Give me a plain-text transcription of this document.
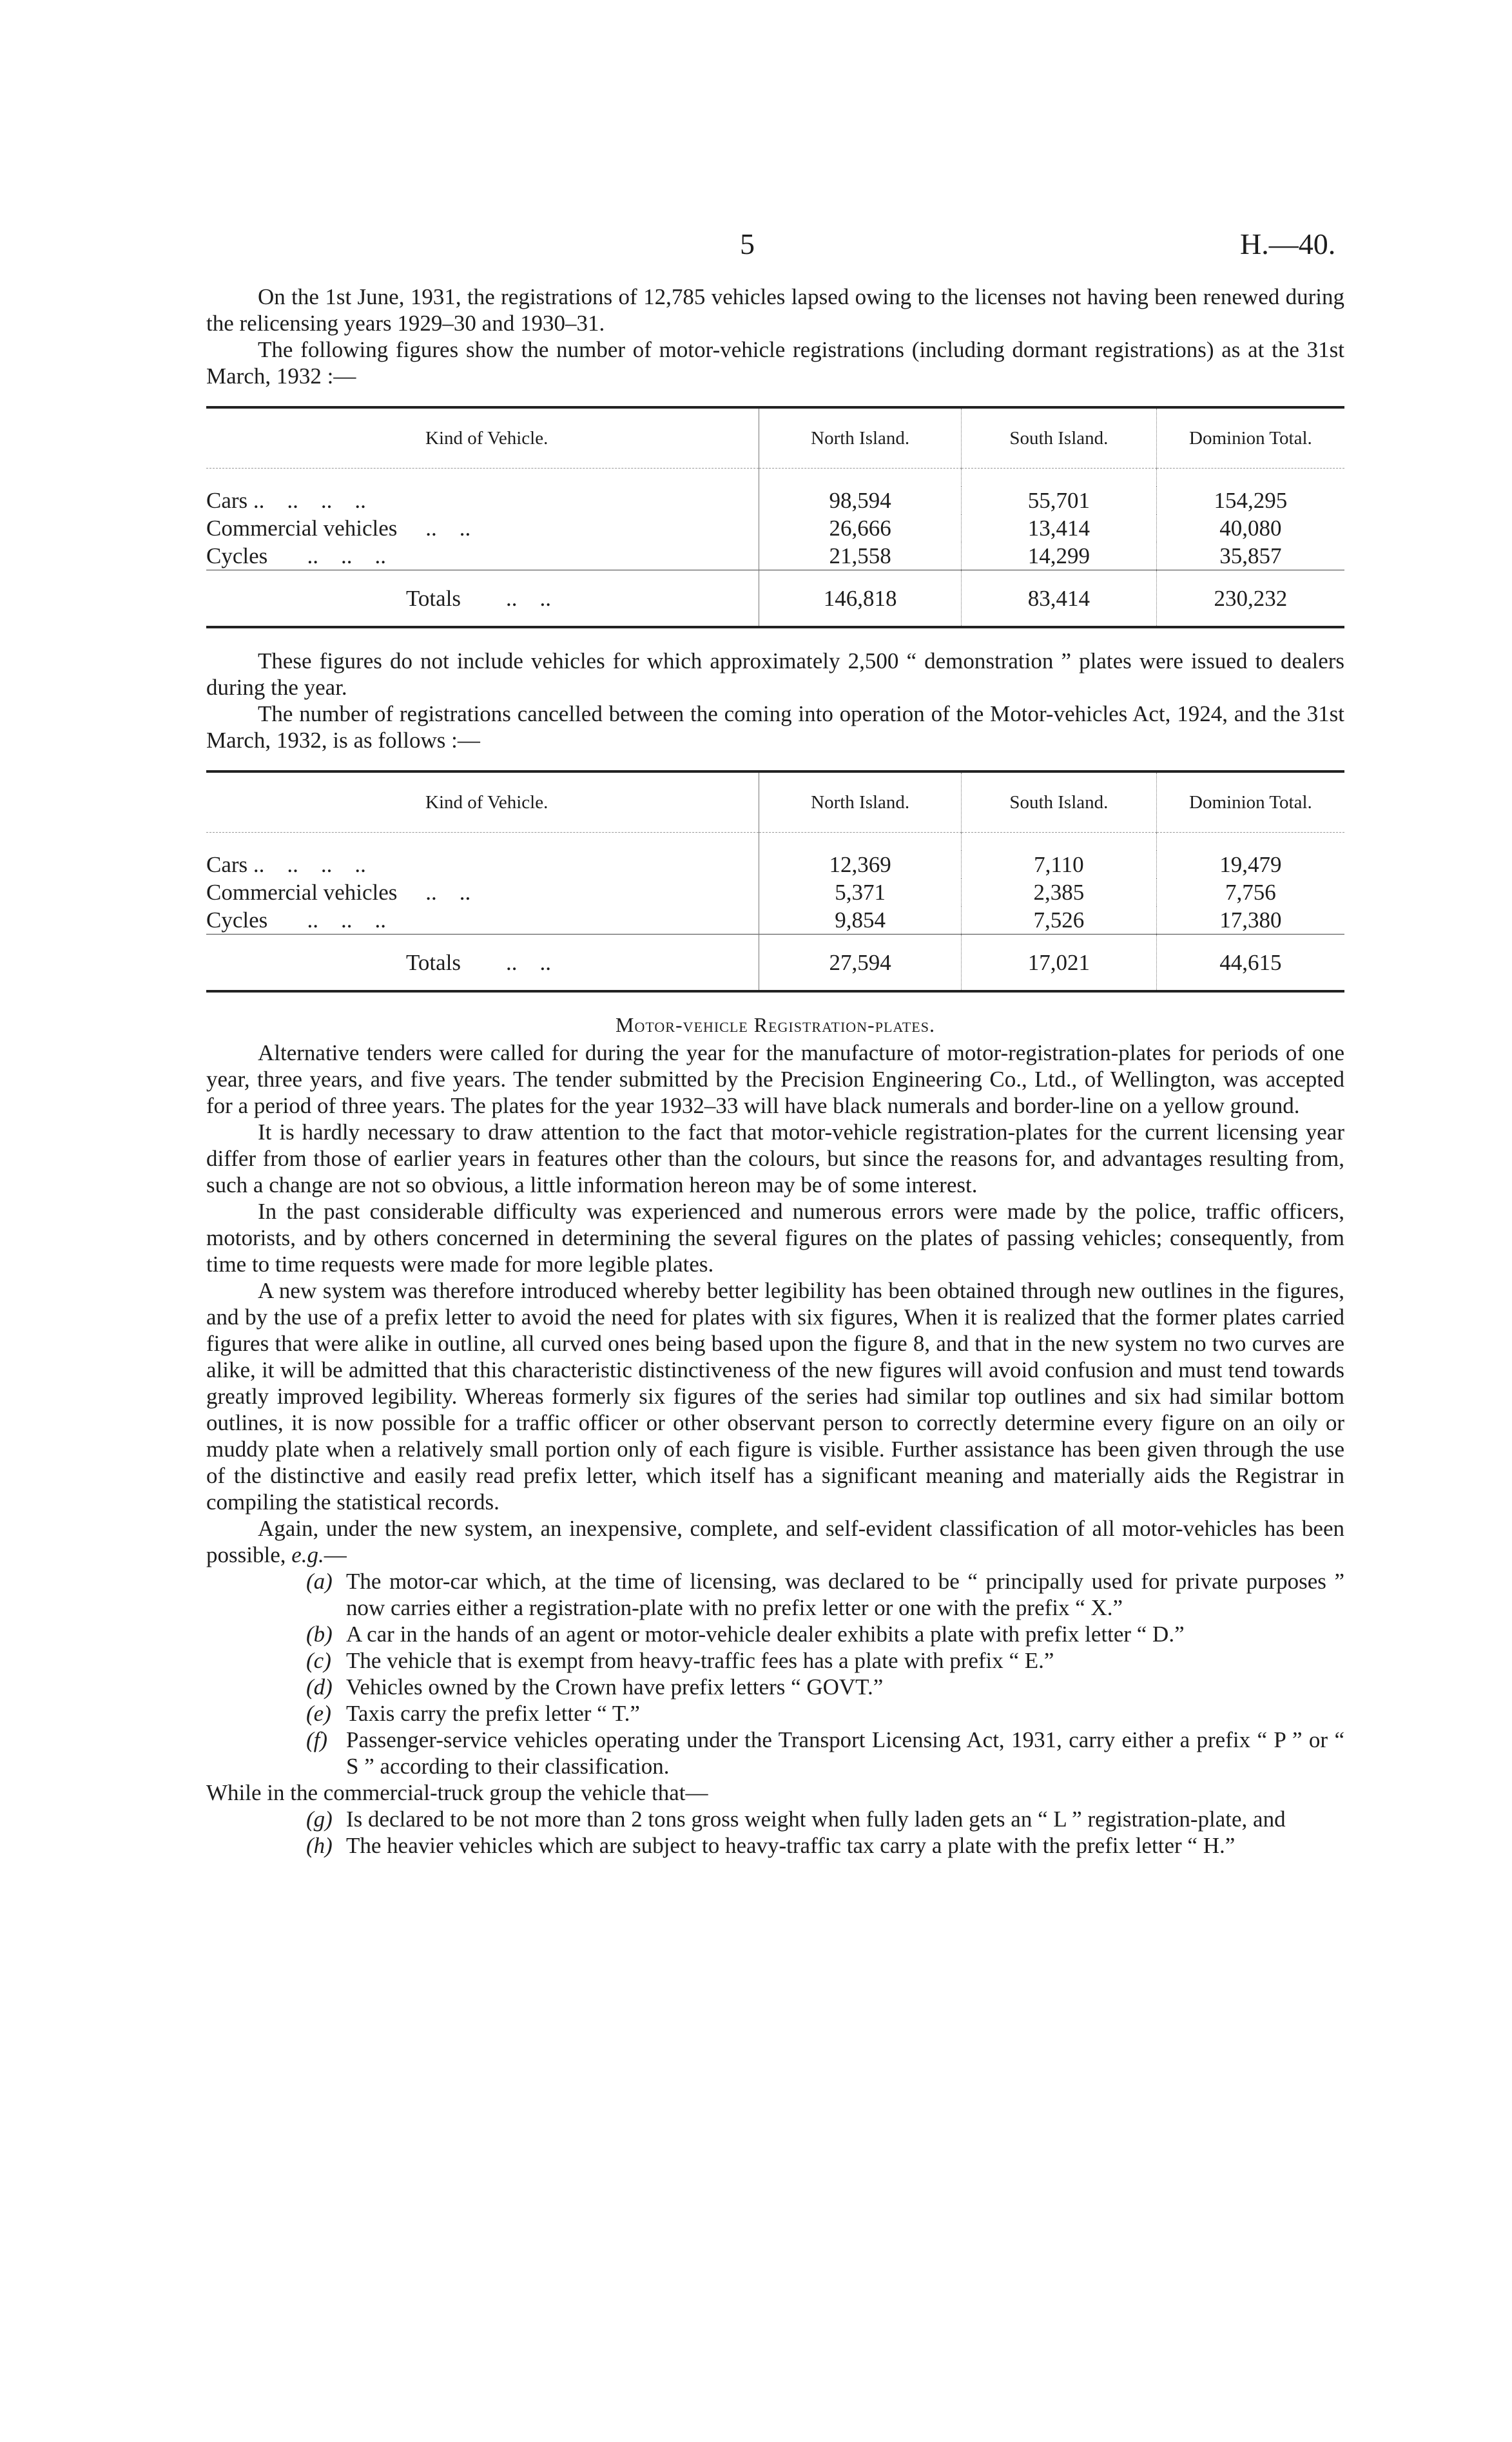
5	H.—40.

On the 1st June, 1931, the registrations of 12,785 vehicles lapsed owing to the licenses not having been renewed during the relicensing years 1929–30 and 1930–31.

The following figures show the number of motor-vehicle registrations (including dormant registrations) as at the 31st March, 1932 :—

Kind of Vehicle.	North Island.	South Island.	Dominion Total.

Cars .. ..    ..    ..	98,594	55,701	154,295
Commercial vehicles ..    ..	26,666	13,414	40,080
Cycles ..    ..    ..	21,558	14,299	35,857
Totals ..    ..	146,818	83,414	230,232

These figures do not include vehicles for which approximately 2,500 “ demonstration ” plates were issued to dealers during the year.

The number of registrations cancelled between the coming into operation of the Motor-vehicles Act, 1924, and the 31st March, 1932, is as follows :—

Kind of Vehicle.	North Island.	South Island.	Dominion Total.

Cars .. ..    ..    ..	12,369	7,110	19,479
Commercial vehicles ..    ..	5,371	2,385	7,756
Cycles ..    ..    ..	9,854	7,526	17,380
Totals ..    ..	27,594	17,021	44,615
Motor-vehicle Registration-plates.

Alternative tenders were called for during the year for the manufacture of motor-registration-plates for periods of one year, three years, and five years. The tender submitted by the Precision Engineering Co., Ltd., of Wellington, was accepted for a period of three years. The plates for the year 1932–33 will have black numerals and border-line on a yellow ground.

It is hardly necessary to draw attention to the fact that motor-vehicle registration-plates for the current licensing year differ from those of earlier years in features other than the colours, but since the reasons for, and advantages resulting from, such a change are not so obvious, a little information hereon may be of some interest.

In the past considerable difficulty was experienced and numerous errors were made by the police, traffic officers, motorists, and by others concerned in determining the several figures on the plates of passing vehicles; consequently, from time to time requests were made for more legible plates.

A new system was therefore introduced whereby better legibility has been obtained through new outlines in the figures, and by the use of a prefix letter to avoid the need for plates with six figures, When it is realized that the former plates carried figures that were alike in outline, all curved ones being based upon the figure 8, and that in the new system no two curves are alike, it will be admitted that this characteristic distinctiveness of the new figures will avoid confusion and must tend towards greatly improved legibility. Whereas formerly six figures of the series had similar top outlines and six had similar bottom outlines, it is now possible for a traffic officer or other observant person to correctly determine every figure on an oily or muddy plate when a relatively small portion only of each figure is visible. Further assistance has been given through the use of the distinctive and easily read prefix letter, which itself has a significant meaning and materially aids the Registrar in compiling the statistical records.

Again, under the new system, an inexpensive, complete, and self-evident classification of all motor-vehicles has been possible, e.g.—

(a) The motor-car which, at the time of licensing, was declared to be “ principally used for private purposes ” now carries either a registration-plate with no prefix letter or one with the prefix “ X.”
(b) A car in the hands of an agent or motor-vehicle dealer exhibits a plate with prefix letter “ D.”
(c) The vehicle that is exempt from heavy-traffic fees has a plate with prefix “ E.”
(d) Vehicles owned by the Crown have prefix letters “ GOVT.”
(e) Taxis carry the prefix letter “ T.”
(f) Passenger-service vehicles operating under the Transport Licensing Act, 1931, carry either a prefix “ P ” or “ S ” according to their classification.

While in the commercial-truck group the vehicle that—

(g) Is declared to be not more than 2 tons gross weight when fully laden gets an “ L ” registration-plate, and
(h) The heavier vehicles which are subject to heavy-traffic tax carry a plate with the prefix letter “ H.”
